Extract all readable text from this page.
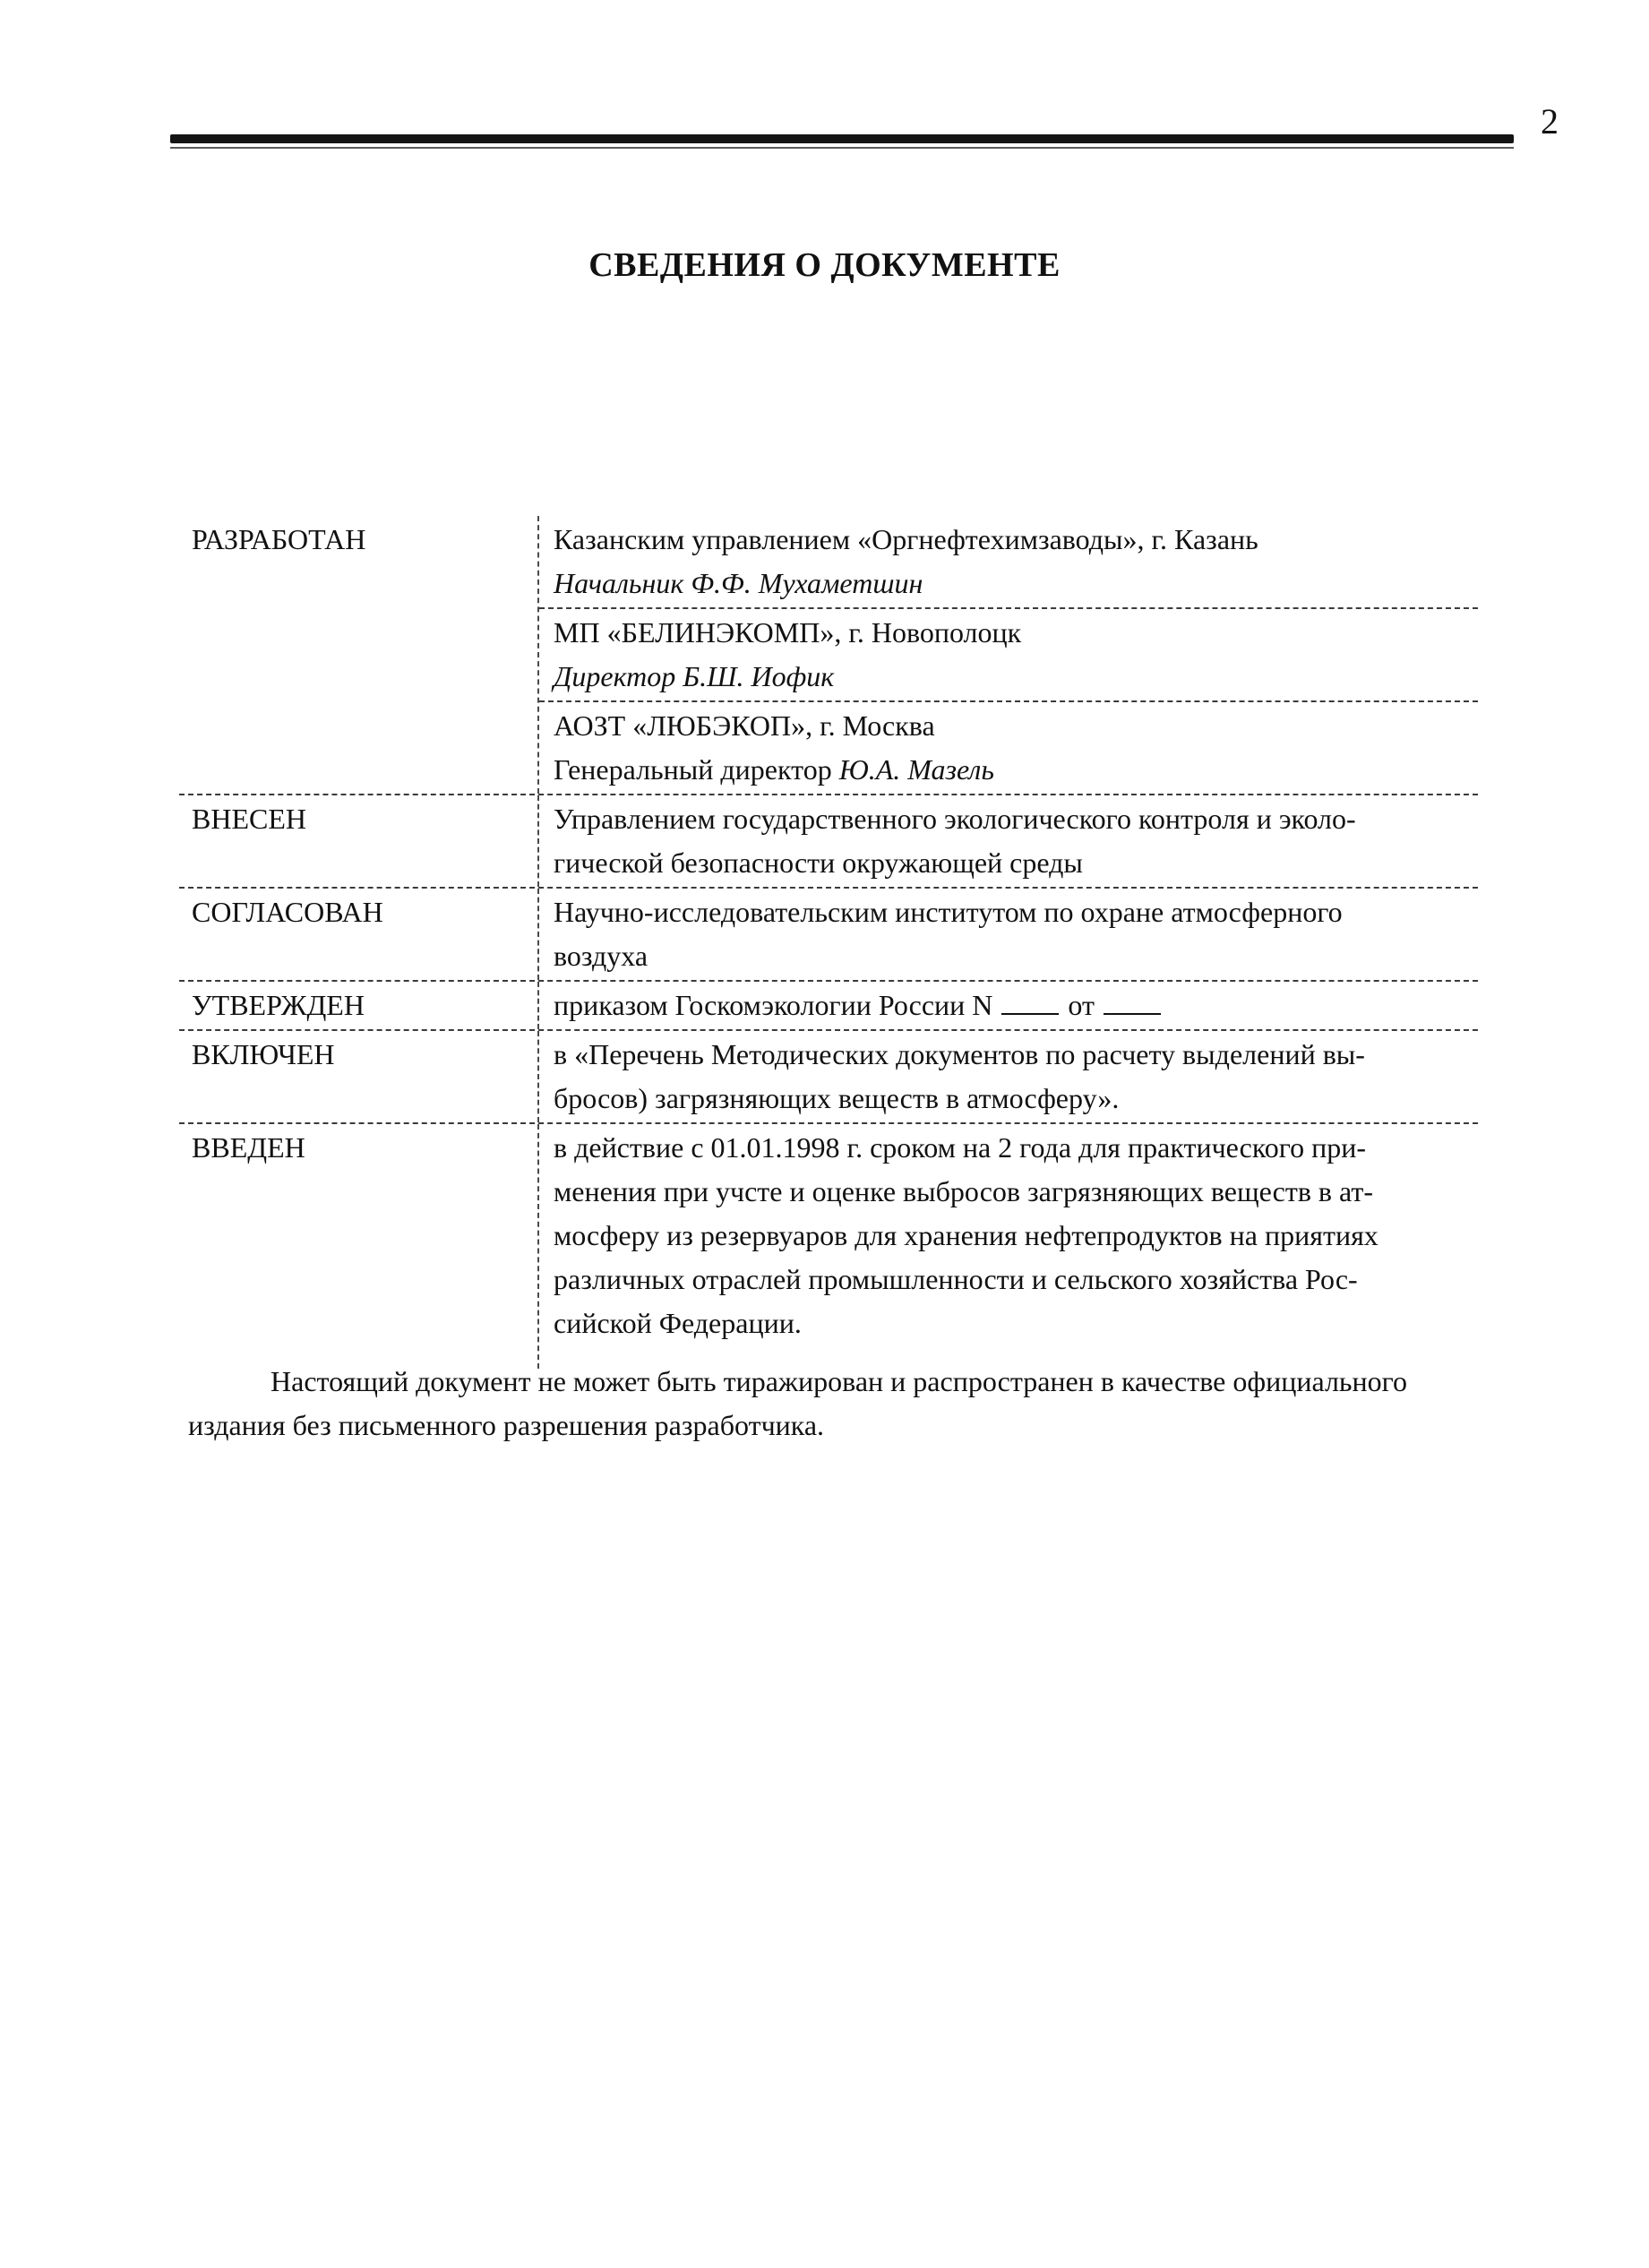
2
СВЕДЕНИЯ О ДОКУМЕНТЕ
РАЗРАБОТАН	Казанским управлением «Оргнефтехимзаводы», г. Казань
Начальник Ф.Ф. Мухаметшин
МП «БЕЛИНЭКОМП», г. Новополоцк
Директор Б.Ш. Иофик
АОЗТ «ЛЮБЭКОП», г. Москва
Генеральный директор Ю.А. Мазель
ВНЕСЕН	Управлением государственного экологического контроля и эколо-
гической безопасности окружающей среды
СОГЛАСОВАН	Научно-исследовательским институтом по охране атмосферного
воздуха
УТВЕРЖДЕН	приказом Госкомэкологии России N	от
ВКЛЮЧЕН	в «Перечень Методических документов по расчету выделений вы-
бросов) загрязняющих веществ в атмосферу».
ВВЕДЕН	в действие с 01.01.1998 г. сроком на 2 года для практического при-
менения при учсте и оценке выбросов загрязняющих веществ в ат-
мосферу из резервуаров для хранения нефтепродуктов на приятиях
различных отраслей промышленности и сельского хозяйства Рос-
сийской Федерации.
Настоящий документ не может быть тиражирован и распространен в качестве официального
издания без письменного разрешения разработчика.
